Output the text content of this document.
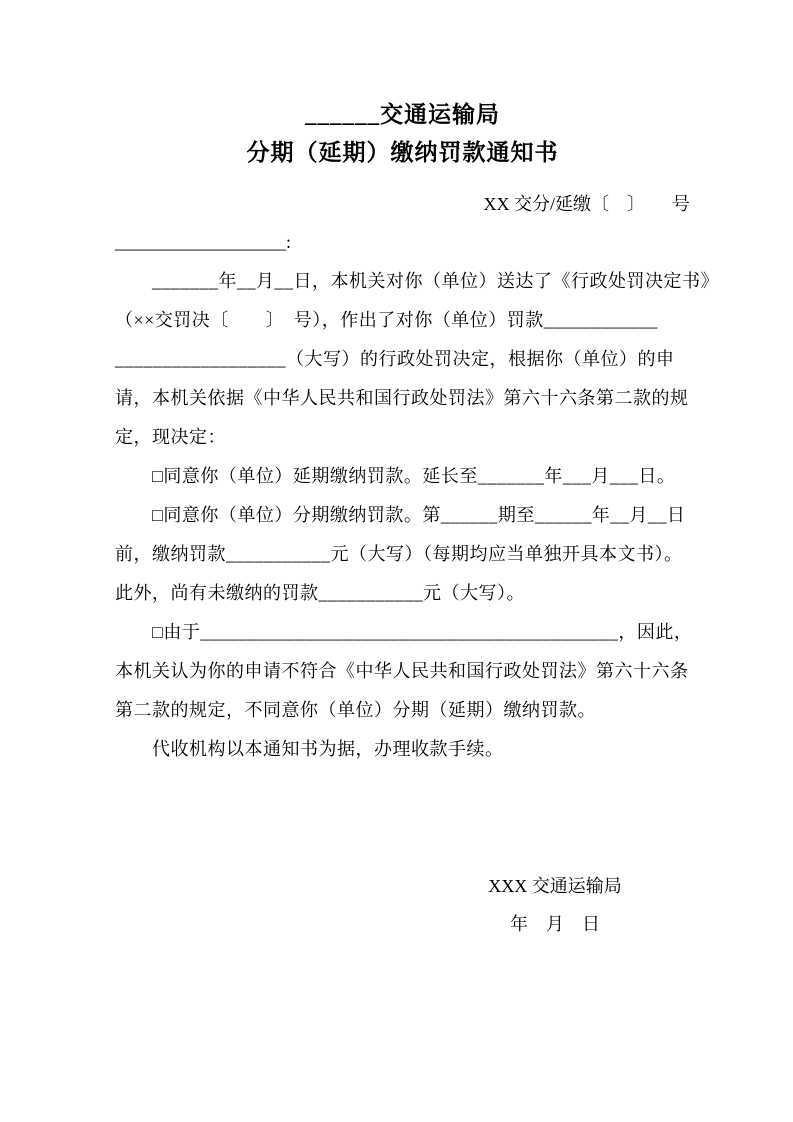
______交通运输局
分期（延期）缴纳罚款通知书
XX 交分/延缴〔　〕　　号
___________________:
　　_______年__月__日，本机关对你（单位）送达了《行政处罚决定书》
（××交罚决〔　　〕　号），作出了对你（单位）罚款____________
__________________（大写）的行政处罚决定，根据你（单位）的申
请，本机关依据《中华人民共和国行政处罚法》第六十六条第二款的规
定，现决定：
　　□同意你（单位）延期缴纳罚款。延长至_______年___月___日。
　　□同意你（单位）分期缴纳罚款。第______期至______年__月__日
前，缴纳罚款___________元（大写）（每期均应当单独开具本文书）。
此外，尚有未缴纳的罚款___________元（大写）。
　　□由于____________________________________________，因此，
本机关认为你的申请不符合《中华人民共和国行政处罚法》第六十六条
第二款的规定，不同意你（单位）分期（延期）缴纳罚款。
　　代收机构以本通知书为据，办理收款手续。
XXX 交通运输局
年　月　日
